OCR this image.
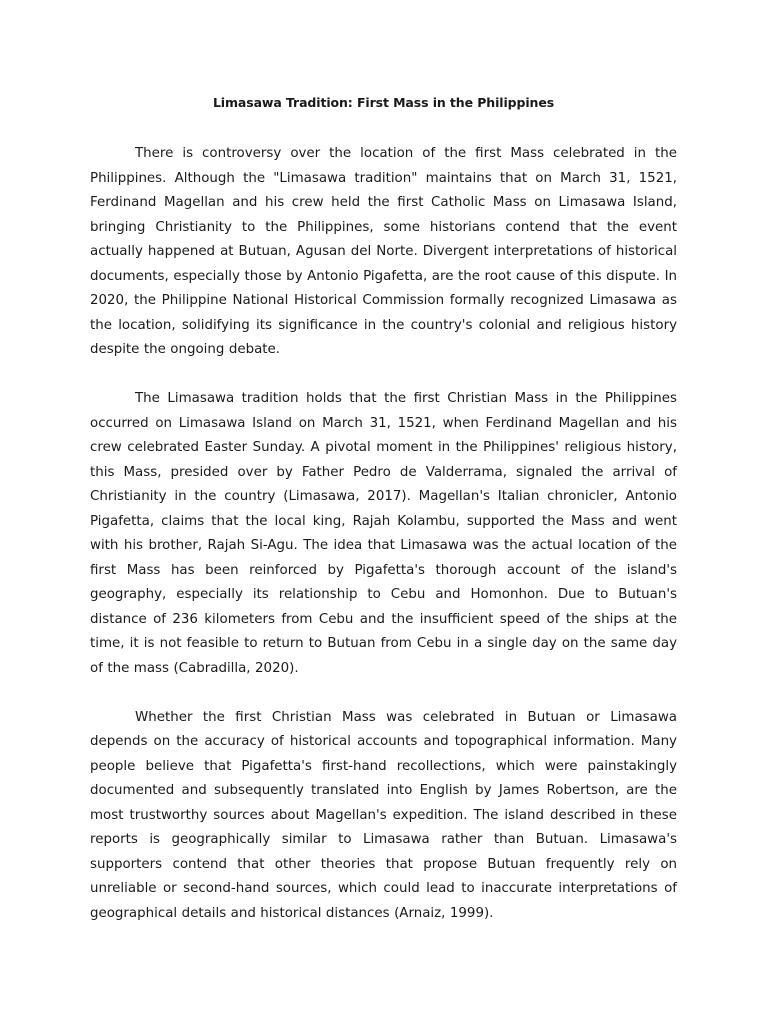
Limasawa Tradition: First Mass in the Philippines

There is controversy over the location of the first Mass celebrated in the Philippines. Although the "Limasawa tradition" maintains that on March 31, 1521, Ferdinand Magellan and his crew held the first Catholic Mass on Limasawa Island, bringing Christianity to the Philippines, some historians contend that the event actually happened at Butuan, Agusan del Norte. Divergent interpretations of historical documents, especially those by Antonio Pigafetta, are the root cause of this dispute. In 2020, the Philippine National Historical Commission formally recognized Limasawa as the location, solidifying its significance in the country's colonial and religious history despite the ongoing debate.

The Limasawa tradition holds that the first Christian Mass in the Philippines occurred on Limasawa Island on March 31, 1521, when Ferdinand Magellan and his crew celebrated Easter Sunday. A pivotal moment in the Philippines' religious history, this Mass, presided over by Father Pedro de Valderrama, signaled the arrival of Christianity in the country (Limasawa, 2017). Magellan's Italian chronicler, Antonio Pigafetta, claims that the local king, Rajah Kolambu, supported the Mass and went with his brother, Rajah Si-Agu. The idea that Limasawa was the actual location of the first Mass has been reinforced by Pigafetta's thorough account of the island's geography, especially its relationship to Cebu and Homonhon. Due to Butuan's distance of 236 kilometers from Cebu and the insufficient speed of the ships at the time, it is not feasible to return to Butuan from Cebu in a single day on the same day of the mass (Cabradilla, 2020).

Whether the first Christian Mass was celebrated in Butuan or Limasawa depends on the accuracy of historical accounts and topographical information. Many people believe that Pigafetta's first-hand recollections, which were painstakingly documented and subsequently translated into English by James Robertson, are the most trustworthy sources about Magellan's expedition. The island described in these reports is geographically similar to Limasawa rather than Butuan. Limasawa's supporters contend that other theories that propose Butuan frequently rely on unreliable or second-hand sources, which could lead to inaccurate interpretations of geographical details and historical distances (Arnaiz, 1999).
